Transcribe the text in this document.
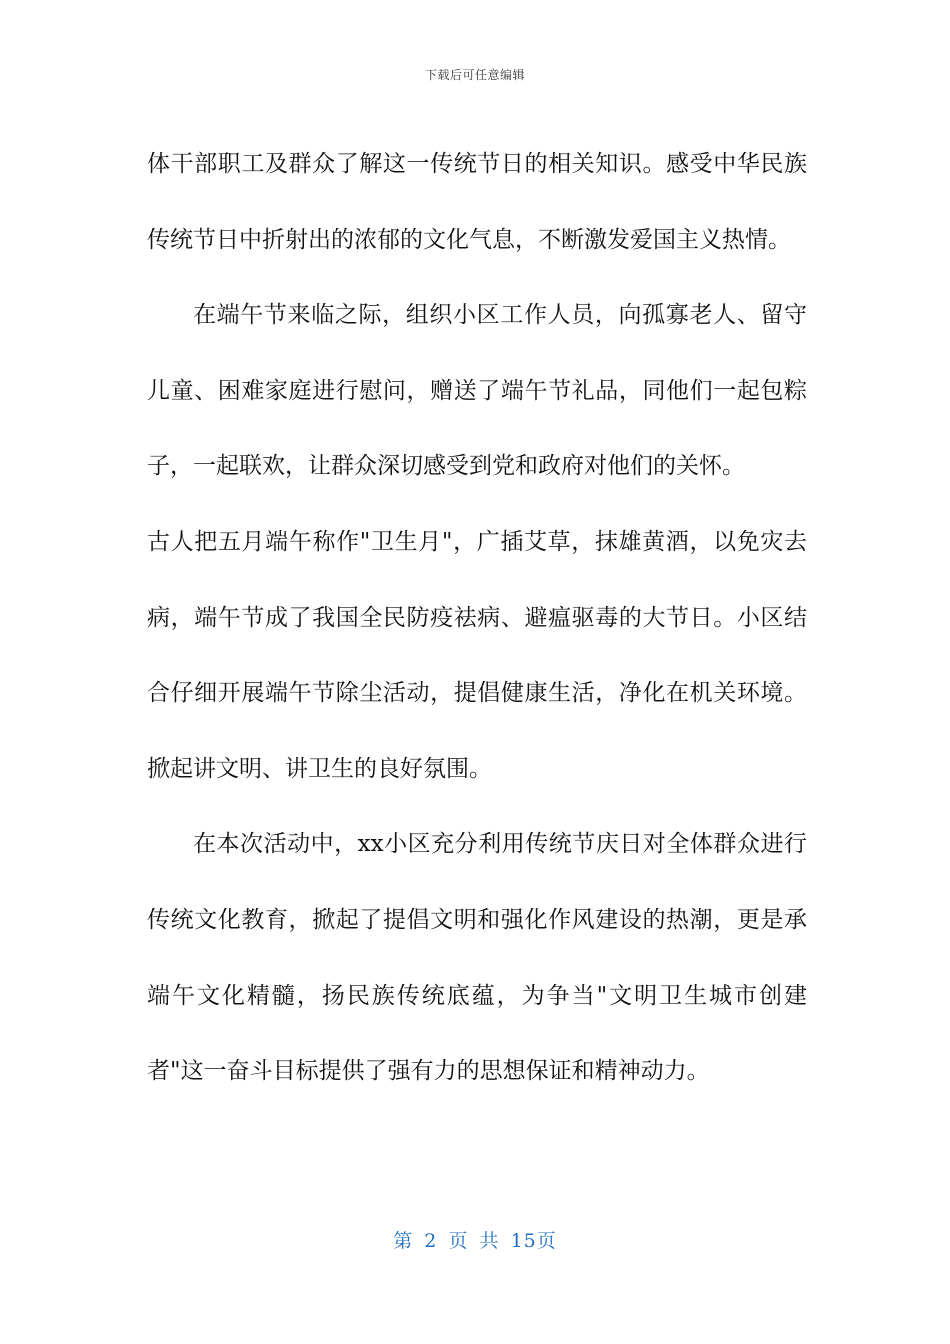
下载后可任意编辑

体干部职工及群众了解这一传统节日的相关知识。感受中华民族传统节日中折射出的浓郁的文化气息，不断激发爱国主义热情。

在端午节来临之际，组织小区工作人员，向孤寡老人、留守儿童、困难家庭进行慰问，赠送了端午节礼品，同他们一起包粽子，一起联欢，让群众深切感受到党和政府对他们的关怀。

古人把五月端午称作"卫生月"，广插艾草，抹雄黄酒，以免灾去病，端午节成了我国全民防疫祛病、避瘟驱毒的大节日。小区结合仔细开展端午节除尘活动，提倡健康生活，净化在机关环境。掀起讲文明、讲卫生的良好氛围。

在本次活动中，xx小区充分利用传统节庆日对全体群众进行传统文化教育，掀起了提倡文明和强化作风建设的热潮，更是承端午文化精髓，扬民族传统底蕴，为争当"文明卫生城市创建者"这一奋斗目标提供了强有力的思想保证和精神动力。

第 2 页 共 15页
